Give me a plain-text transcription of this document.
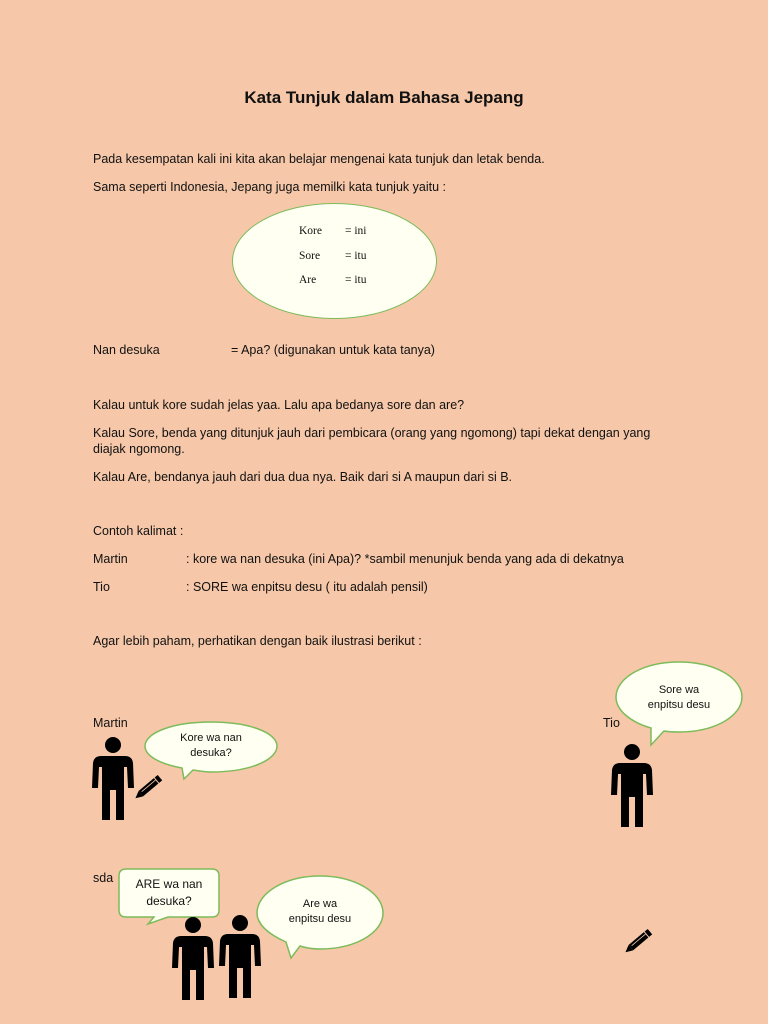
Kata Tunjuk dalam Bahasa Jepang
Pada kesempatan kali ini kita akan belajar mengenai kata tunjuk dan letak benda.
Sama seperti Indonesia, Jepang juga memilki kata tunjuk yaitu :
Kore = ini
Sore = itu
Are	= itu
Nan desuka	= Apa? (digunakan untuk kata tanya)
Kalau untuk kore sudah jelas yaa. Lalu apa bedanya sore dan are?
Kalau Sore, benda yang ditunjuk jauh dari pembicara (orang yang ngomong) tapi dekat dengan yang diajak ngomong.
Kalau Are, bendanya jauh dari dua dua nya. Baik dari si A maupun dari si B.
Contoh kalimat :
Martin	: kore wa nan desuka (ini Apa)? *sambil menunjuk benda yang ada di dekatnya
Tio	: SORE wa enpitsu desu ( itu adalah pensil)
Agar lebih paham, perhatikan dengan baik ilustrasi berikut :
Martin	Tio
sda
Kore wa nan
desuka?
Sore wa
enpitsu desu
ARE wa nan
desuka?	Are wa
enpitsu desu
